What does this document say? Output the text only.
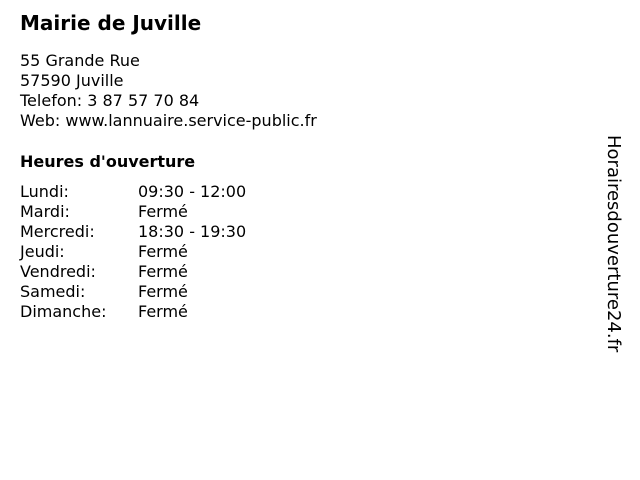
Mairie de Juville
55 Grande Rue
57590 Juville
Telefon: 3 87 57 70 84
Web: www.lannuaire.service-public.fr
Heures d'ouverture
Lundi:	09:30 - 12:00
Mardi:	Fermé
Mercredi:	18:30 - 19:30
Jeudi:	Fermé
Vendredi:	Fermé
Samedi:	Fermé
Dimanche:	Fermé	Horairesdouverture24.fr
